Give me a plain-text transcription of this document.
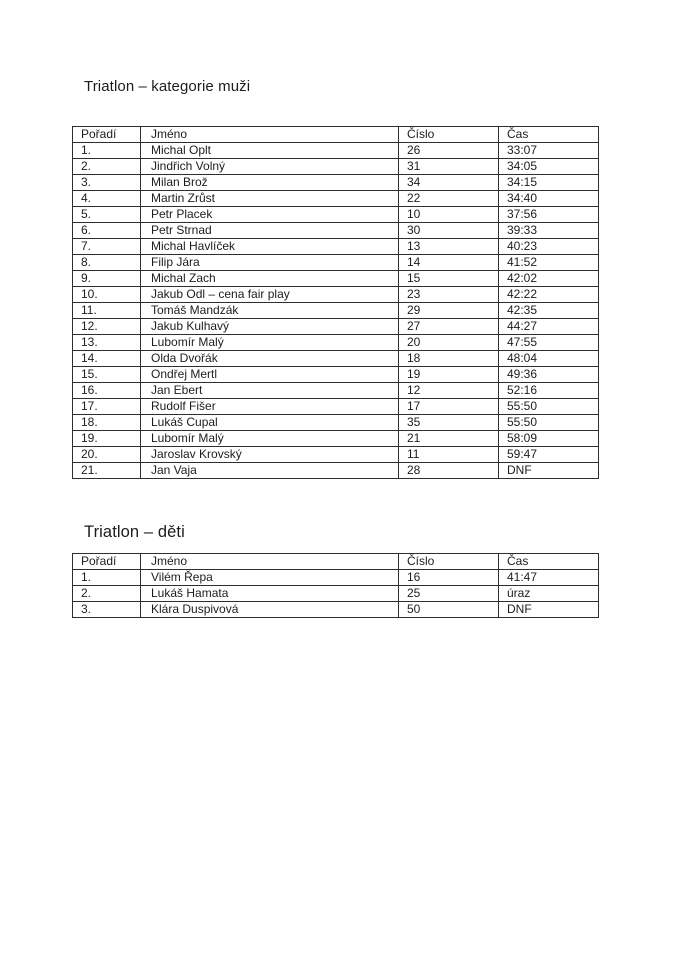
Triatlon – kategorie muži
Pořadí	Jméno	Číslo	Čas
1.	Michal Oplt	26	33:07
2.	Jindřich Volný	31	34:05
3.	Milan Brož	34	34:15
4.	Martin Zrůst	22	34:40
5.	Petr Placek	10	37:56
6.	Petr Strnad	30	39:33
7.	Michal Havlíček	13	40:23
8.	Filip Jára	14	41:52
9.	Michal Zach	15	42:02
10.	Jakub Odl – cena fair play	23	42:22
11.	Tomáš Mandzák	29	42:35
12.	Jakub Kulhavý	27	44:27
13.	Lubomír Malý	20	47:55
14.	Olda Dvořák	18	48:04
15.	Ondřej Mertl	19	49:36
16.	Jan Ebert	12	52:16
17.	Rudolf Fišer	17	55:50
18.	Lukáš Cupal	35	55:50
19.	Lubomír Malý	21	58:09
20.	Jaroslav Krovský	11	59:47
21.	Jan Vaja	28	DNF
Triatlon – děti
Pořadí	Jméno	Číslo	Čas
1.	Vilém Řepa	16	41:47
2.	Lukáš Hamata	25	úraz
3.	Klára Duspivová	50	DNF
